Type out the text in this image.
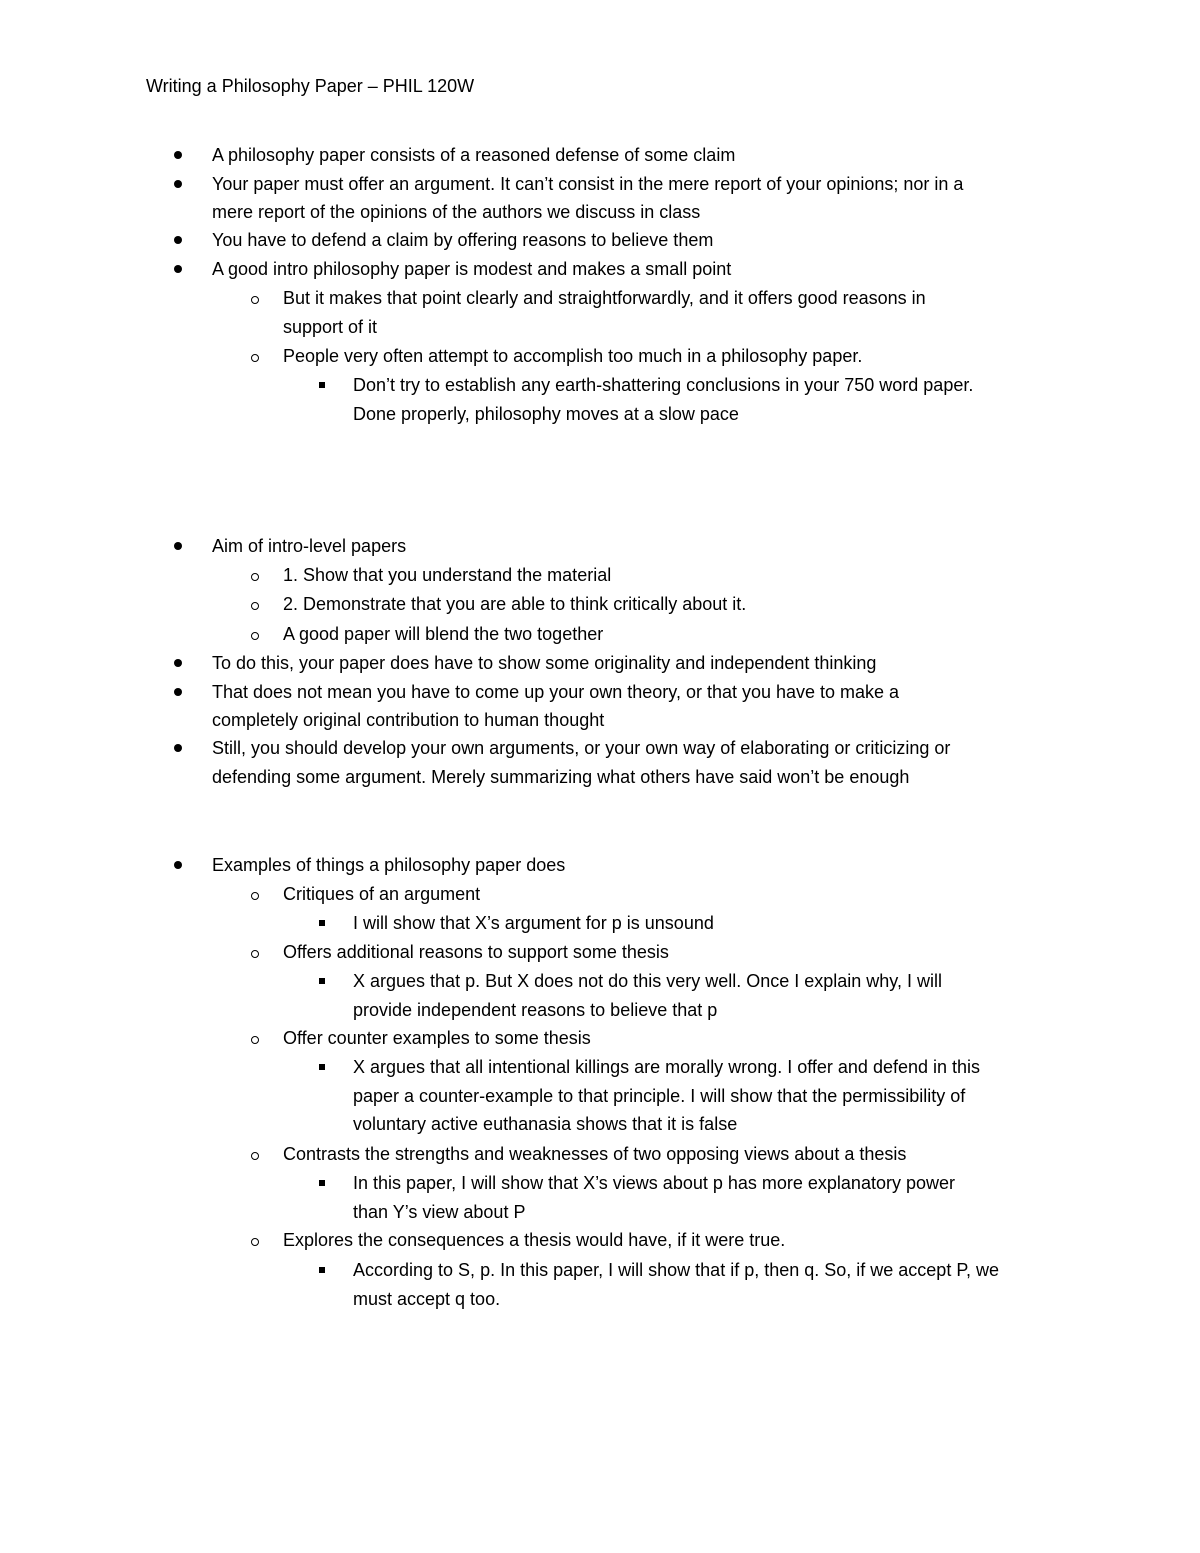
Writing a Philosophy Paper – PHIL 120W
A philosophy paper consists of a reasoned defense of some claim
Your paper must offer an argument. It can’t consist in the mere report of your opinions; nor in a
mere report of the opinions of the authors we discuss in class
You have to defend a claim by offering reasons to believe them
A good intro philosophy paper is modest and makes a small point
But it makes that point clearly and straightforwardly, and it offers good reasons in
support of it
People very often attempt to accomplish too much in a philosophy paper.
Don’t try to establish any earth-shattering conclusions in your 750 word paper.
Done properly, philosophy moves at a slow pace
Aim of intro-level papers
1. Show that you understand the material
2. Demonstrate that you are able to think critically about it.
A good paper will blend the two together
To do this, your paper does have to show some originality and independent thinking
That does not mean you have to come up your own theory, or that you have to make a
completely original contribution to human thought
Still, you should develop your own arguments, or your own way of elaborating or criticizing or
defending some argument. Merely summarizing what others have said won’t be enough
Examples of things a philosophy paper does
Critiques of an argument
I will show that X’s argument for p is unsound
Offers additional reasons to support some thesis
X argues that p. But X does not do this very well. Once I explain why, I will
provide independent reasons to believe that p
Offer counter examples to some thesis
X argues that all intentional killings are morally wrong. I offer and defend in this
paper a counter-example to that principle. I will show that the permissibility of
voluntary active euthanasia shows that it is false
Contrasts the strengths and weaknesses of two opposing views about a thesis
In this paper, I will show that X’s views about p has more explanatory power
than Y’s view about P
Explores the consequences a thesis would have, if it were true.
According to S, p. In this paper, I will show that if p, then q. So, if we accept P, we
must accept q too.
